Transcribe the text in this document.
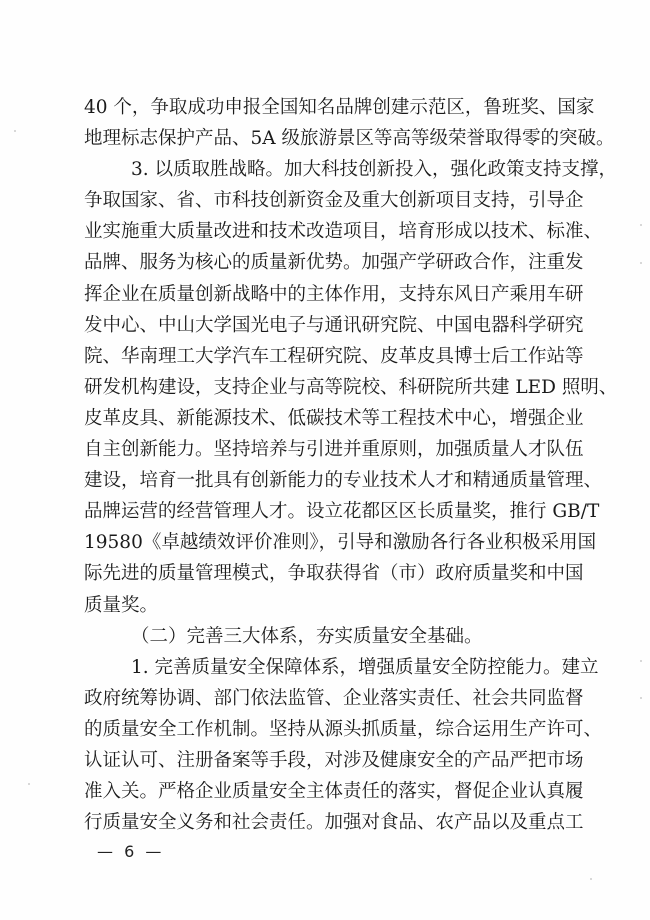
40 个，争取成功申报全国知名品牌创建示范区，鲁班奖、国家
地理标志保护产品、5A 级旅游景区等高等级荣誉取得零的突破。
3. 以质取胜战略。加大科技创新投入，强化政策支持支撑，
争取国家、省、市科技创新资金及重大创新项目支持，引导企
业实施重大质量改进和技术改造项目，培育形成以技术、标准、
品牌、服务为核心的质量新优势。加强产学研政合作，注重发
挥企业在质量创新战略中的主体作用，支持东风日产乘用车研
发中心、中山大学国光电子与通讯研究院、中国电器科学研究
院、华南理工大学汽车工程研究院、皮革皮具博士后工作站等
研发机构建设，支持企业与高等院校、科研院所共建 LED 照明、
皮革皮具、新能源技术、低碳技术等工程技术中心，增强企业
自主创新能力。坚持培养与引进并重原则，加强质量人才队伍
建设，培育一批具有创新能力的专业技术人才和精通质量管理、
品牌运营的经营管理人才。设立花都区区长质量奖，推行 GB/T
19580《卓越绩效评价准则》，引导和激励各行各业积极采用国
际先进的质量管理模式，争取获得省（市）政府质量奖和中国
质量奖。
（二）完善三大体系，夯实质量安全基础。
1. 完善质量安全保障体系，增强质量安全防控能力。建立
政府统筹协调、部门依法监管、企业落实责任、社会共同监督
的质量安全工作机制。坚持从源头抓质量，综合运用生产许可、
认证认可、注册备案等手段，对涉及健康安全的产品严把市场
准入关。严格企业质量安全主体责任的落实，督促企业认真履
行质量安全义务和社会责任。加强对食品、农产品以及重点工
— 6 —
